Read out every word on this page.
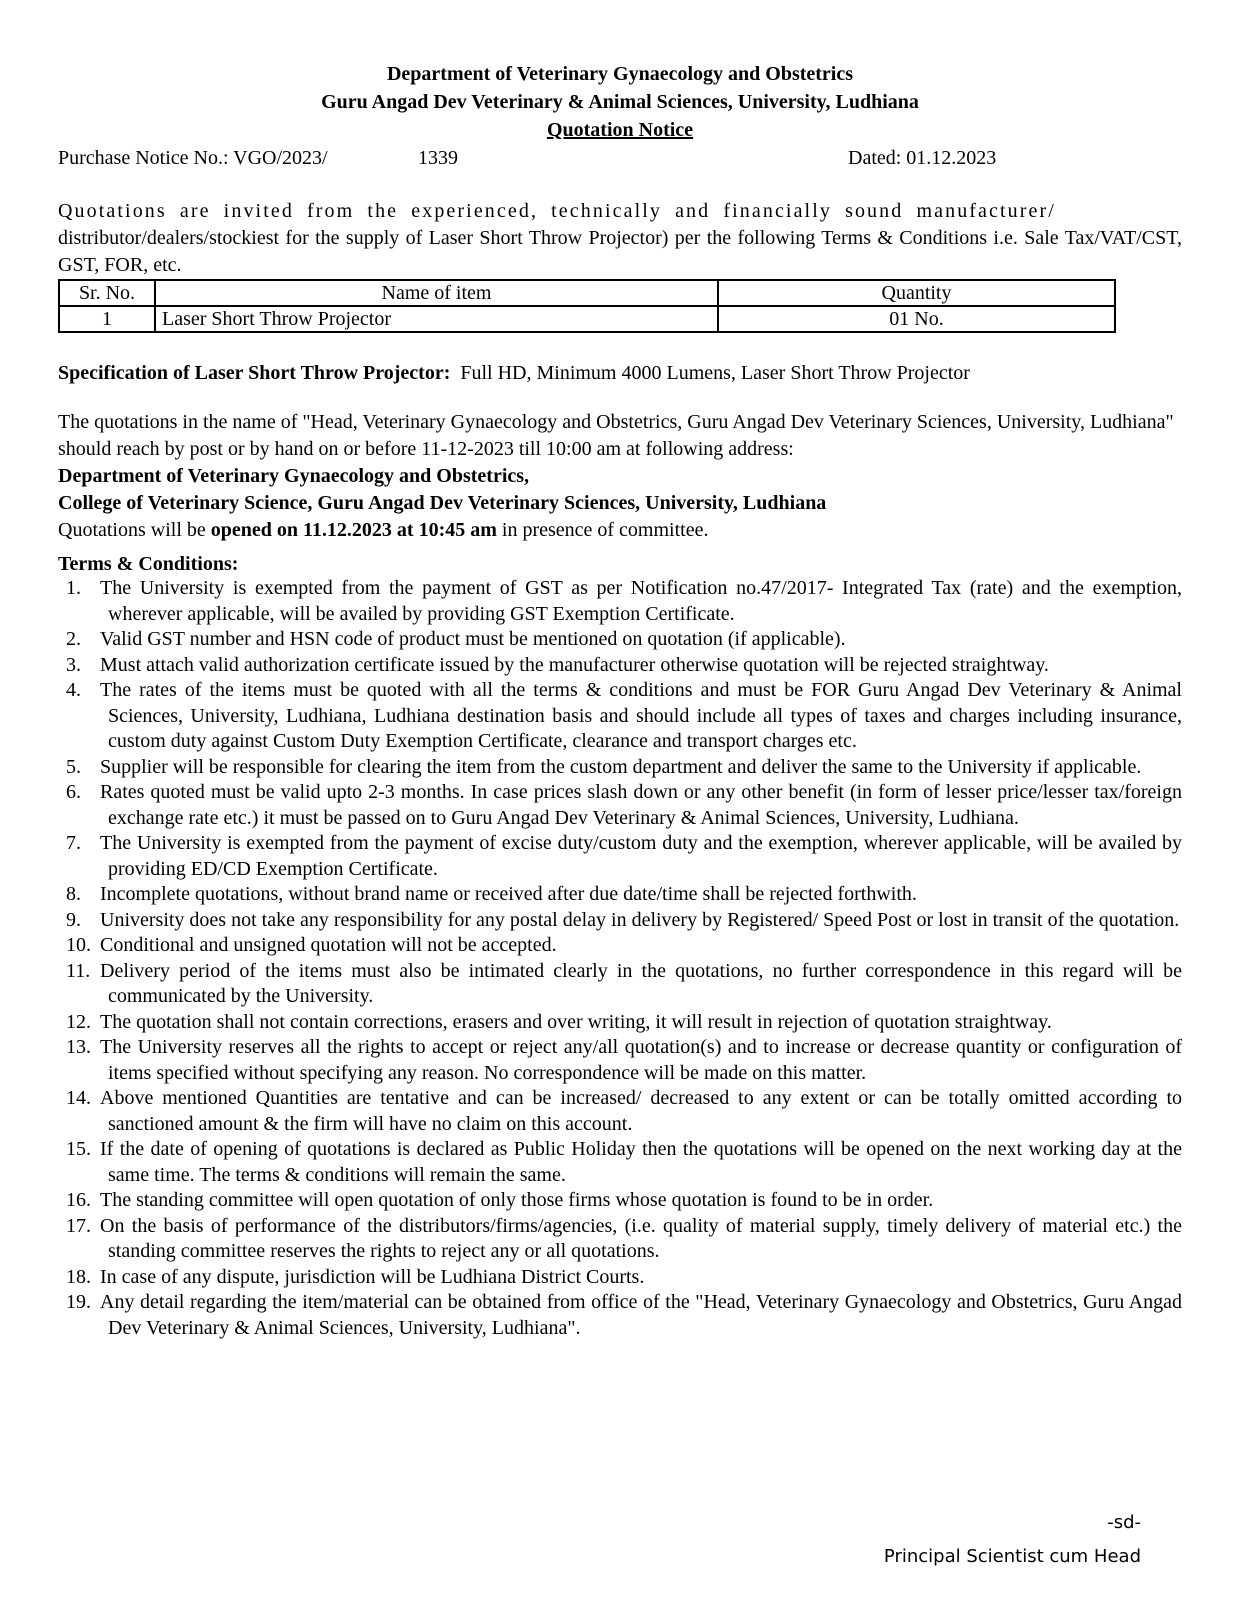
Department of Veterinary Gynaecology and Obstetrics
Guru Angad Dev Veterinary & Animal Sciences, University, Ludhiana
Quotation Notice
Purchase Notice No.: VGO/2023/	1339	Dated: 01.12.2023
Quotations are invited from the experienced, technically and financially sound manufacturer/
distributor/dealers/stockiest for the supply of Laser Short Throw Projector) per the following Terms & Conditions i.e. Sale Tax/VAT/CST, GST, FOR, etc.
Sr. No.	Name of item	Quantity
1	Laser Short Throw Projector	01 No.
Specification of Laser Short Throw Projector: Full HD, Minimum 4000 Lumens, Laser Short Throw Projector
The quotations in the name of "Head, Veterinary Gynaecology and Obstetrics, Guru Angad Dev Veterinary Sciences, University, Ludhiana" should reach by post or by hand on or before 11-12-2023 till 10:00 am at following address:
Department of Veterinary Gynaecology and Obstetrics,
College of Veterinary Science, Guru Angad Dev Veterinary Sciences, University, Ludhiana
Quotations will be opened on 11.12.2023 at 10:45 am in presence of committee.
Terms & Conditions:
1. The University is exempted from the payment of GST as per Notification no.47/2017- Integrated Tax (rate) and the exemption, wherever applicable, will be availed by providing GST Exemption Certificate.
2. Valid GST number and HSN code of product must be mentioned on quotation (if applicable).
3. Must attach valid authorization certificate issued by the manufacturer otherwise quotation will be rejected straightway.
4. The rates of the items must be quoted with all the terms & conditions and must be FOR Guru Angad Dev Veterinary & Animal Sciences, University, Ludhiana, Ludhiana destination basis and should include all types of taxes and charges including insurance, custom duty against Custom Duty Exemption Certificate, clearance and transport charges etc.
5. Supplier will be responsible for clearing the item from the custom department and deliver the same to the University if applicable.
6. Rates quoted must be valid upto 2-3 months. In case prices slash down or any other benefit (in form of lesser price/lesser tax/foreign exchange rate etc.) it must be passed on to Guru Angad Dev Veterinary & Animal Sciences, University, Ludhiana.
7. The University is exempted from the payment of excise duty/custom duty and the exemption, wherever applicable, will be availed by providing ED/CD Exemption Certificate.
8. Incomplete quotations, without brand name or received after due date/time shall be rejected forthwith.
9. University does not take any responsibility for any postal delay in delivery by Registered/ Speed Post or lost in transit of the quotation.
10. Conditional and unsigned quotation will not be accepted.
11. Delivery period of the items must also be intimated clearly in the quotations, no further correspondence in this regard will be communicated by the University.
12. The quotation shall not contain corrections, erasers and over writing, it will result in rejection of quotation straightway.
13. The University reserves all the rights to accept or reject any/all quotation(s) and to increase or decrease quantity or configuration of items specified without specifying any reason. No correspondence will be made on this matter.
14. Above mentioned Quantities are tentative and can be increased/ decreased to any extent or can be totally omitted according to sanctioned amount & the firm will have no claim on this account.
15. If the date of opening of quotations is declared as Public Holiday then the quotations will be opened on the next working day at the same time. The terms & conditions will remain the same.
16. The standing committee will open quotation of only those firms whose quotation is found to be in order.
17. On the basis of performance of the distributors/firms/agencies, (i.e. quality of material supply, timely delivery of material etc.) the standing committee reserves the rights to reject any or all quotations.
18. In case of any dispute, jurisdiction will be Ludhiana District Courts.
19. Any detail regarding the item/material can be obtained from office of the "Head, Veterinary Gynaecology and Obstetrics, Guru Angad Dev Veterinary & Animal Sciences, University, Ludhiana".
-sd-
Principal Scientist cum Head
